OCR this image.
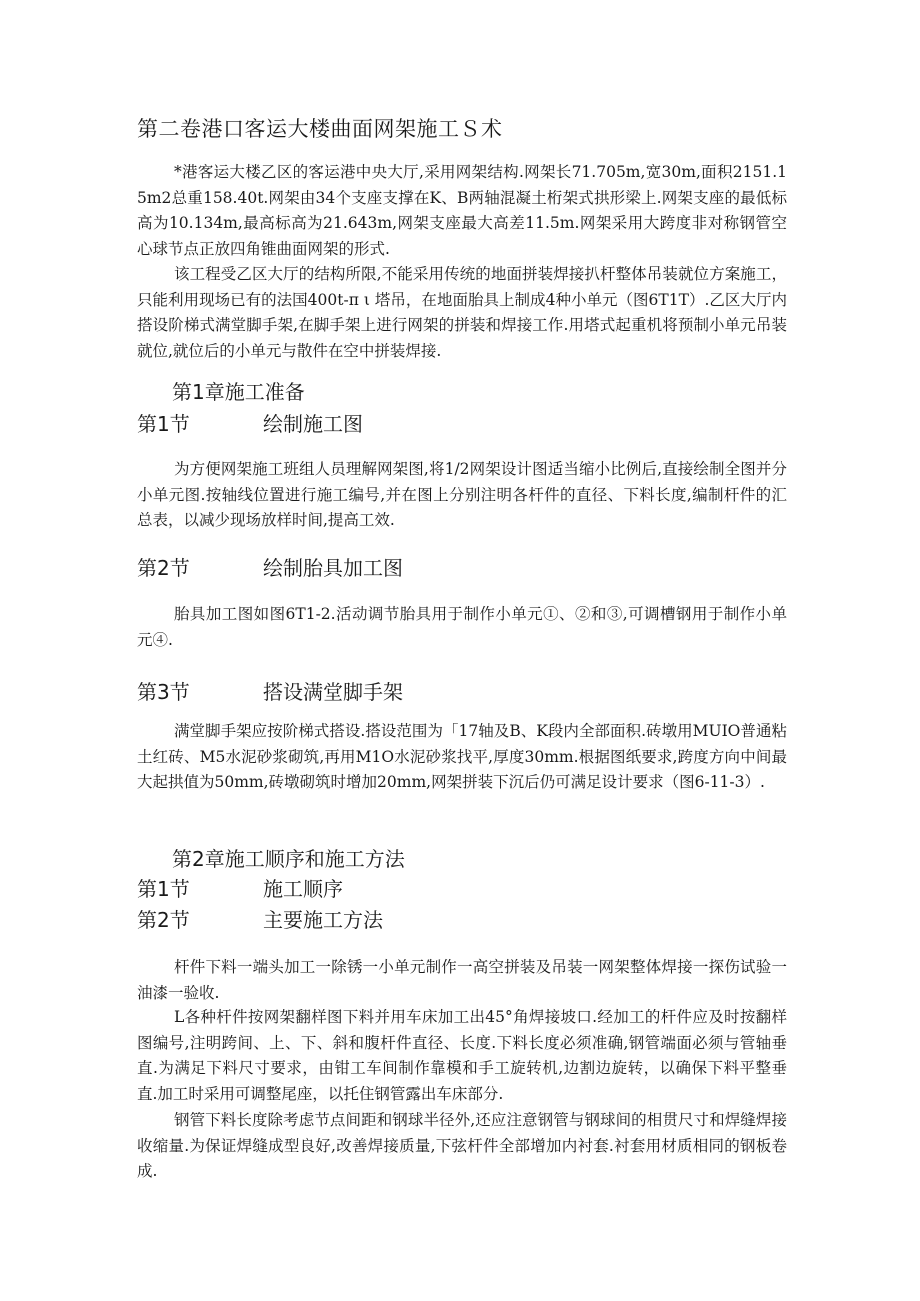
第二卷港口客运大楼曲面网架施工Ｓ术

*港客运大楼乙区的客运港中央大厅,采用网架结构.网架长71.705m,宽30m,面积2151.15m2总重158.40t.网架由34个支座支撑在K、B两轴混凝土桁架式拱形梁上.网架支座的最低标高为10.134m,最高标高为21.643m,网架支座最大高差11.5m.网架采用大跨度非对称钢管空心球节点正放四角锥曲面网架的形式.

该工程受乙区大厅的结构所限,不能采用传统的地面拼装焊接扒杆整体吊装就位方案施工，只能利用现场已有的法国400t-π ι 塔吊，在地面胎具上制成4种小单元（图6T1T）.乙区大厅内搭设阶梯式满堂脚手架,在脚手架上进行网架的拼装和焊接工作.用塔式起重机将预制小单元吊装就位,就位后的小单元与散件在空中拼装焊接.

第1章施工准备
第1节	绘制施工图

为方便网架施工班组人员理解网架图,将1/2网架设计图适当缩小比例后,直接绘制全图并分小单元图.按轴线位置进行施工编号,并在图上分别注明各杆件的直径、下料长度,编制杆件的汇总表，以减少现场放样时间,提高工效.

第2节	绘制胎具加工图

胎具加工图如图6T1-2.活动调节胎具用于制作小单元①、②和③,可调槽钢用于制作小单元④.

第3节	搭设满堂脚手架

满堂脚手架应按阶梯式搭设.搭设范围为「17轴及B、K段内全部面积.砖墩用MUIO普通粘土红砖、M5水泥砂浆砌筑,再用M1O水泥砂浆找平,厚度30mm.根据图纸要求,跨度方向中间最大起拱值为50mm,砖墩砌筑时增加20mm,网架拼装下沉后仍可满足设计要求（图6-11-3）.

第2章施工顺序和施工方法
第1节	施工顺序
第2节	主要施工方法

杆件下料一端头加工一除锈一小单元制作一高空拼装及吊装一网架整体焊接一探伤试验一油漆一验收.

L各种杆件按网架翻样图下料并用车床加工出45°角焊接坡口.经加工的杆件应及时按翻样图编号,注明跨间、上、下、斜和腹杆件直径、长度.下料长度必须准确,钢管端面必须与管轴垂直.为满足下料尺寸要求，由钳工车间制作靠模和手工旋转机,边割边旋转，以确保下料平整垂直.加工时采用可调整尾座，以托住钢管露出车床部分.

钢管下料长度除考虑节点间距和钢球半径外,还应注意钢管与钢球间的相贯尺寸和焊缝焊接收缩量.为保证焊缝成型良好,改善焊接质量,下弦杆件全部增加内衬套.衬套用材质相同的钢板卷成.
